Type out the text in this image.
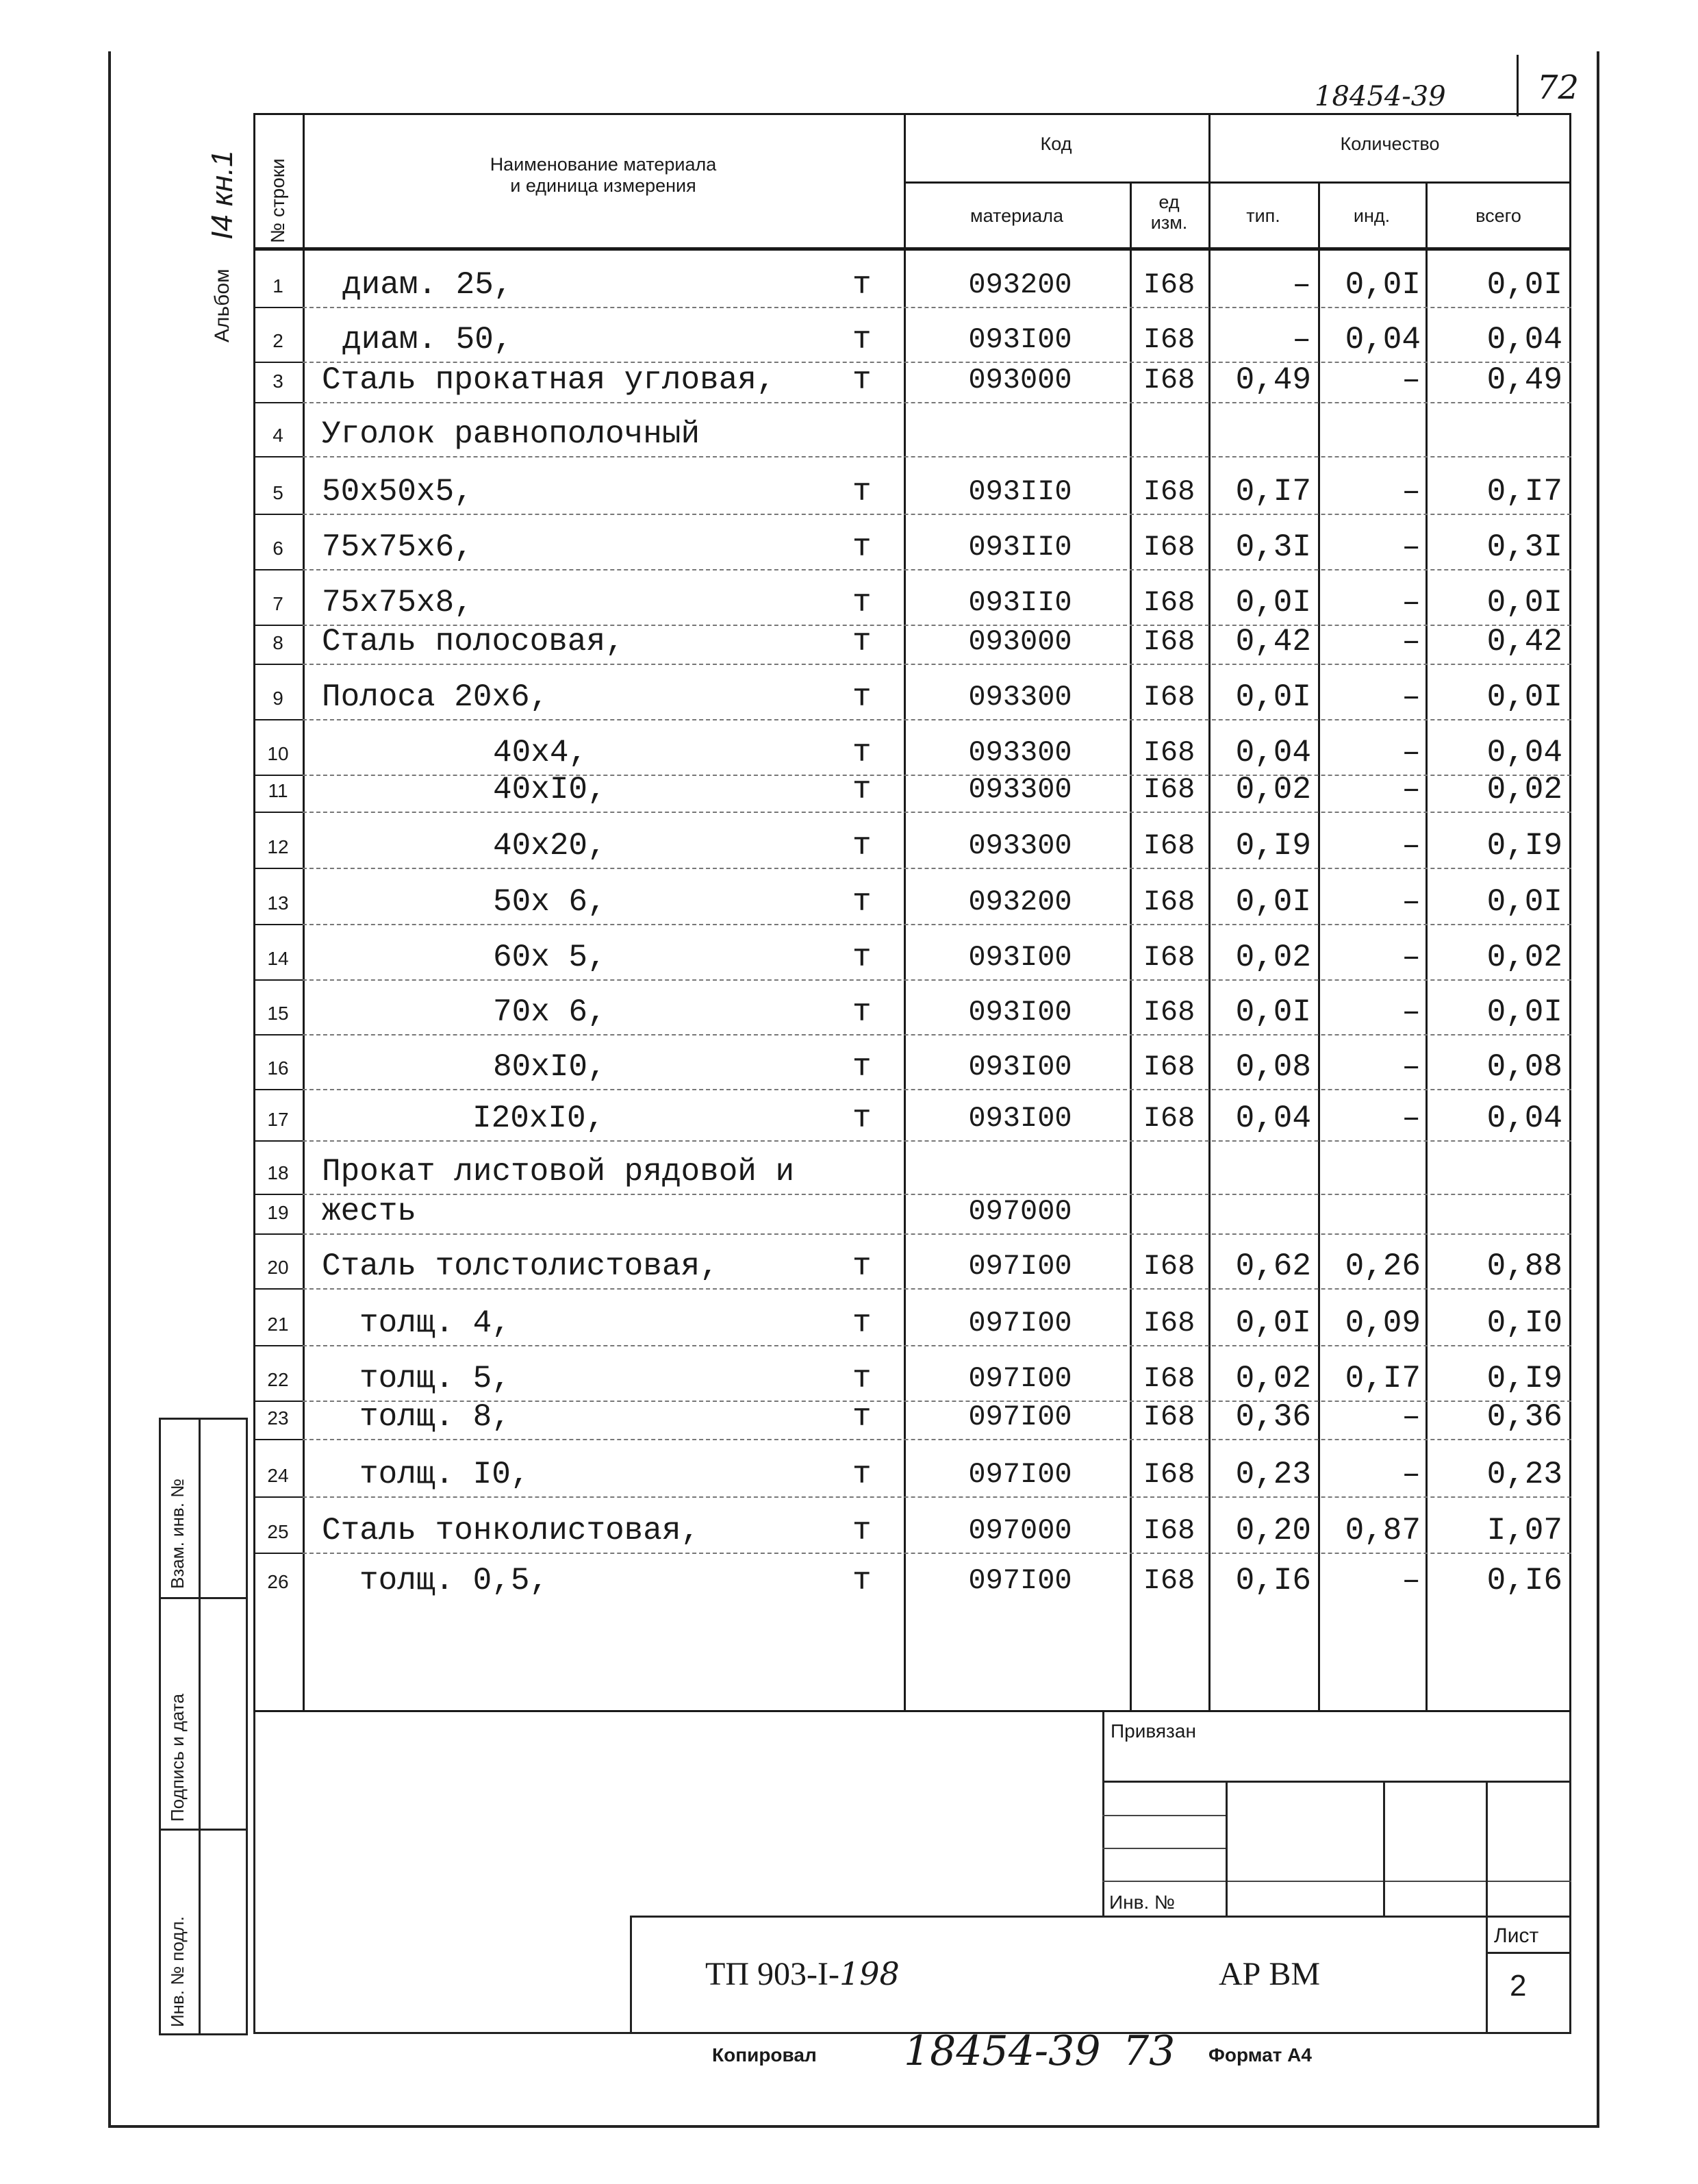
18454-39	72
Альбом
I4 кн.1 № строки	Наименование материала
и единица измерения
Код	Количество
материала
ед
изм.	тип.	инд.	всего
1	диам. 25,	т	093200	I68	–	0,0I	0,0I
2	диам. 50,	т	093I00	I68	–	0,04	0,04
3	Сталь прокатная угловая, т	093000	I68	0,49	–	0,49
4	Уголок равнополочный
5	50x50x5,	т	093II0	I68	0,I7	–	0,I7
6	75x75x6,	т	093II0	I68	0,3I	–	0,3I
7	75x75x8,	т	093II0	I68	0,0I	–	0,0I
8	Сталь полосовая,	т	093000	I68	0,42	–	0,42
9	Полоса 20x6,	т	093300	I68	0,0I	–	0,0I
10	40x4,	т	093300	I68	0,04	–	0,04
11	40xI0,	т	093300	I68	0,02	–	0,02
12	40x20,	т	093300	I68	0,I9	–	0,I9
13	50x 6,	т	093200	I68	0,0I	–	0,0I
14	60x 5,	т	093I00	I68	0,02	–	0,02
15	70x 6,	т	093I00	I68	0,0I	–	0,0I
16	80xI0,	т	093I00	I68	0,08	–	0,08
17	I20xI0,	т	093I00	I68	0,04	–	0,04
18	Прокат листовой рядовой и
19	жесть	097000
20	Сталь толстолистовая,	т	097I00	I68	0,62	0,26	0,88
21	толщ. 4,	т	097I00	I68	0,0I	0,09	0,I0
22	толщ. 5,	т	097I00	I68	0,02	0,I7	0,I9
23	толщ. 8,	т	097I00	I68	0,36	–	0,36
24	толщ. I0,	т	097I00	I68	0,23	–	0,23
25	Сталь тонколистовая,	т	097000	I68	0,20	0,87	I,07
26	толщ. 0,5,	т	097I00	I68	0,I6	–	0,I6
Взам. инв. №
Подпись и дата
Инв. № подл.
Привязан
Инв. №
ТП 903-I-198	АР ВМ
Лист
2
Копировал 18454-39 73 Формат А4
